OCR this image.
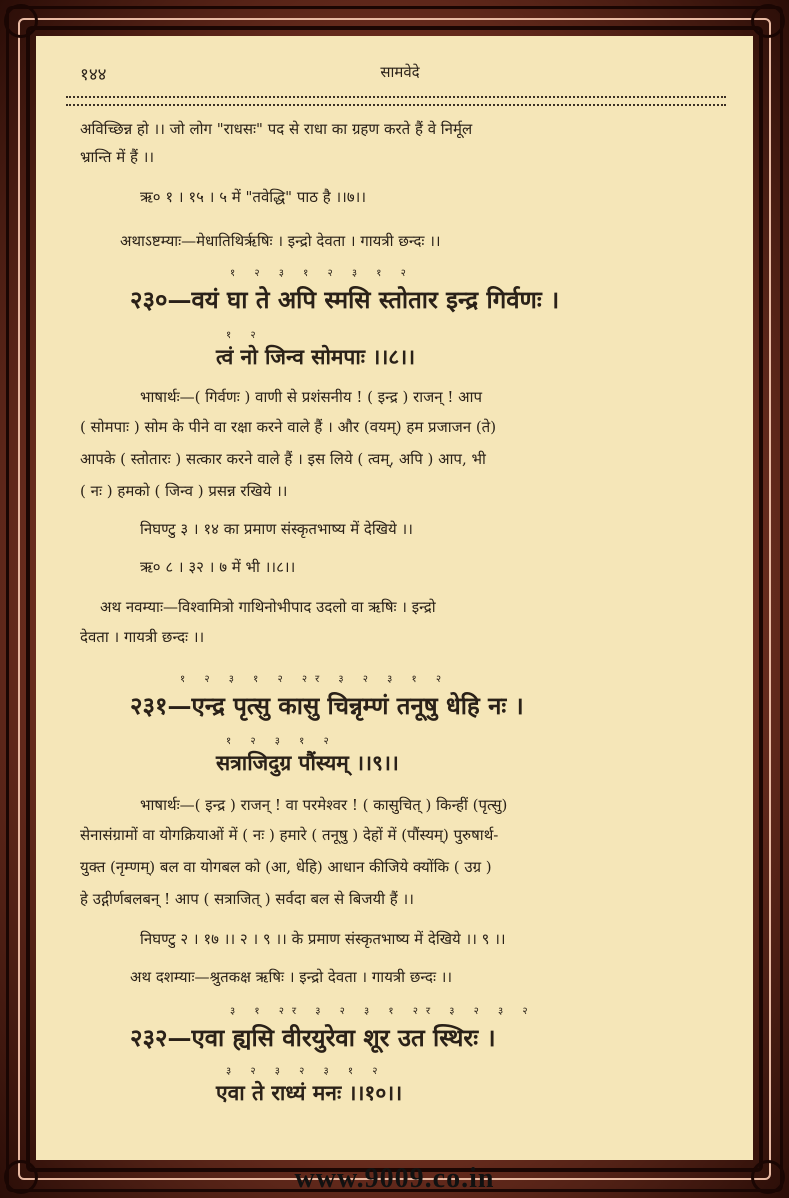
१४४	सामवेदे
अविच्छिन्न हो ।। जो लोग "राधसः" पद से राधा का ग्रहण करते हैं वे निर्मूल
भ्रान्ति में हैं ।।
ऋ० १ । १५ । ५ में "तवेद्धि" पाठ है ।।७।।
अथाऽष्टम्याः—मेधातिथिर्ऋषिः । इन्द्रो देवता । गायत्री छन्दः ।।
१ २ ३ १ २ ३ १ २
२३०—वयं घा ते अपि स्मसि स्तोतार इन्द्र गिर्वणः ।
१ २
त्वं नो जिन्व सोमपाः ।।८।।
भाषार्थः—( गिर्वणः ) वाणी से प्रशंसनीय ! ( इन्द्र ) राजन् ! आप
( सोमपाः ) सोम के पीने वा रक्षा करने वाले हैं । और (वयम्) हम प्रजाजन (ते)
आपके ( स्तोतारः ) सत्कार करने वाले हैं । इस लिये ( त्वम्, अपि ) आप, भी
( नः ) हमको ( जिन्व ) प्रसन्न रखिये ।।
निघण्टु ३ । १४ का प्रमाण संस्कृतभाष्य में देखिये ।।
ऋ० ८ । ३२ । ७ में भी ।।८।।
अथ नवम्याः—विश्वामित्रो गाथिनोभीपाद उदलो वा ऋषिः । इन्द्रो
देवता । गायत्री छन्दः ।।
१ २ ३ १ २ २र ३ २ ३ १ २
२३१—एन्द्र पृत्सु कासु चिन्नृम्णं तनूषु धेहि नः ।
१ २ ३ १ २
सत्राजिदुग्र पौंस्यम् ।।९।।
भाषार्थः—( इन्द्र ) राजन् ! वा परमेश्वर ! ( कासुचित् ) किन्हीं (पृत्सु)
सेनासंग्रामों वा योगक्रियाओं में ( नः ) हमारे ( तनूषु ) देहों में (पौंस्यम्) पुरुषार्थ-
युक्त (नृम्णम्) बल वा योगबल को (आ, धेहि) आधान कीजिये क्योंकि ( उग्र )
हे उद्गीर्णबलबन् ! आप ( सत्राजित् ) सर्वदा बल से बिजयी हैं ।।
निघण्टु २ । १७ ।। २ । ९ ।। के प्रमाण संस्कृतभाष्य में देखिये ।। ९ ।।
अथ दशम्याः—श्रुतकक्ष ऋषिः । इन्द्रो देवता । गायत्री छन्दः ।।
३ १ २र ३ २ ३ १ २र ३ २ ३ २
२३२—एवा ह्यसि वीरयुरेवा शूर उत स्थिरः ।
३ २ ३ २ ३ १ २
एवा ते राध्यं मनः ।।१०।।
www.9009.co.in
